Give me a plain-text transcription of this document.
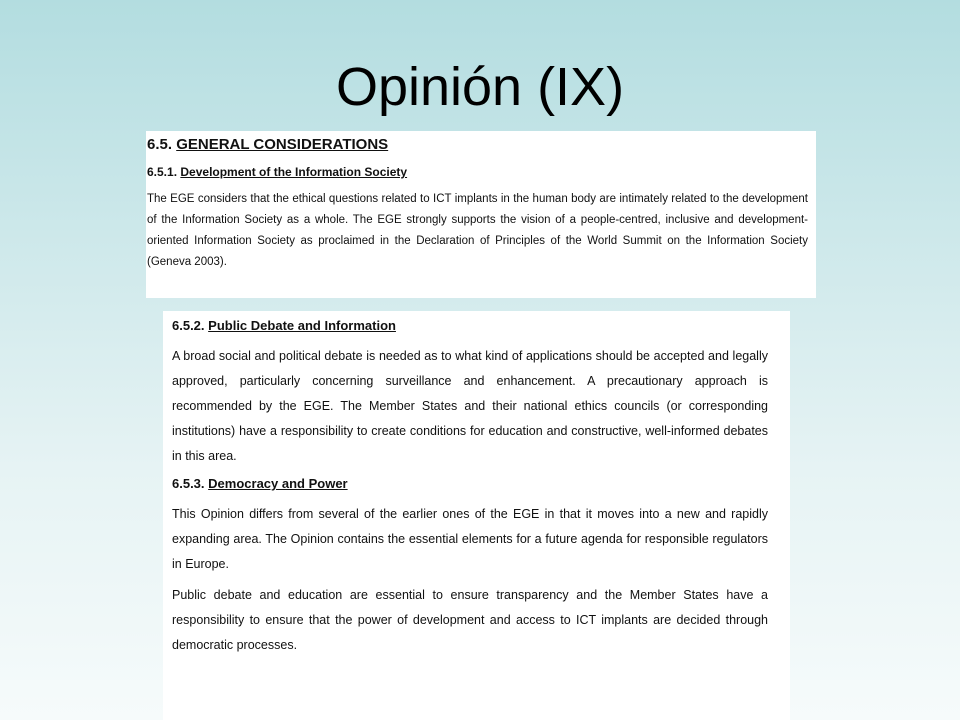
Opinión (IX)
6.5. GENERAL CONSIDERATIONS
6.5.1. Development of the Information Society

The EGE considers that the ethical questions related to ICT implants in the human body are intimately related to the development of the Information Society as a whole. The EGE strongly supports the vision of a people-centred, inclusive and development-oriented Information Society as proclaimed in the Declaration of Principles of the World Summit on the Information Society (Geneva 2003).

6.5.2. Public Debate and Information

A broad social and political debate is needed as to what kind of applications should be accepted and legally approved, particularly concerning surveillance and enhancement. A precautionary approach is recommended by the EGE. The Member States and their national ethics councils (or corresponding institutions) have a responsibility to create conditions for education and constructive, well-informed debates in this area.

6.5.3. Democracy and Power

This Opinion differs from several of the earlier ones of the EGE in that it moves into a new and rapidly expanding area. The Opinion contains the essential elements for a future agenda for responsible regulators in Europe.

Public debate and education are essential to ensure transparency and the Member States have a responsibility to ensure that the power of development and access to ICT implants are decided through democratic processes.
